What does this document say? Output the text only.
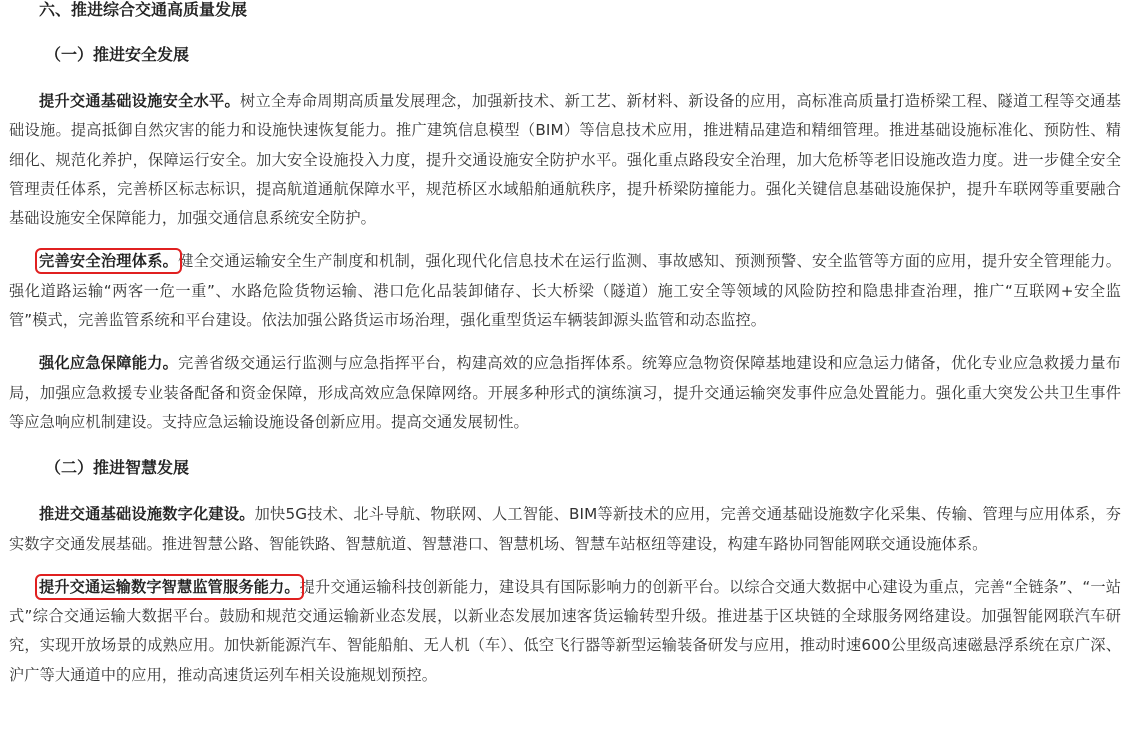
六、推进综合交通高质量发展
（一）推进安全发展

提升交通基础设施安全水平。树立全寿命周期高质量发展理念，加强新技术、新工艺、新材料、新设备的应用，高标准高质量打造桥梁工程、隧道工程等交通基础设施。提高抵御自然灾害的能力和设施快速恢复能力。推广建筑信息模型（BIM）等信息技术应用，推进精品建造和精细管理。推进基础设施标准化、预防性、精细化、规范化养护，保障运行安全。加大安全设施投入力度，提升交通设施安全防护水平。强化重点路段安全治理，加大危桥等老旧设施改造力度。进一步健全安全管理责任体系，完善桥区标志标识，提高航道通航保障水平，规范桥区水域船舶通航秩序，提升桥梁防撞能力。强化关键信息基础设施保护，提升车联网等重要融合基础设施安全保障能力，加强交通信息系统安全防护。

完善安全治理体系。健全交通运输安全生产制度和机制，强化现代化信息技术在运行监测、事故感知、预测预警、安全监管等方面的应用，提升安全管理能力。强化道路运输“两客一危一重”、水路危险货物运输、港口危化品装卸储存、长大桥梁（隧道）施工安全等领域的风险防控和隐患排查治理，推广“互联网+安全监管”模式，完善监管系统和平台建设。依法加强公路货运市场治理，强化重型货运车辆装卸源头监管和动态监控。

强化应急保障能力。完善省级交通运行监测与应急指挥平台，构建高效的应急指挥体系。统筹应急物资保障基地建设和应急运力储备，优化专业应急救援力量布局，加强应急救援专业装备配备和资金保障，形成高效应急保障网络。开展多种形式的演练演习，提升交通运输突发事件应急处置能力。强化重大突发公共卫生事件等应急响应机制建设。支持应急运输设施设备创新应用。提高交通发展韧性。

（二）推进智慧发展

推进交通基础设施数字化建设。加快5G技术、北斗导航、物联网、人工智能、BIM等新技术的应用，完善交通基础设施数字化采集、传输、管理与应用体系，夯实数字交通发展基础。推进智慧公路、智能铁路、智慧航道、智慧港口、智慧机场、智慧车站枢纽等建设，构建车路协同智能网联交通设施体系。

提升交通运输数字智慧监管服务能力。提升交通运输科技创新能力，建设具有国际影响力的创新平台。以综合交通大数据中心建设为重点，完善“全链条”、“一站式”综合交通运输大数据平台。鼓励和规范交通运输新业态发展，以新业态发展加速客货运输转型升级。推进基于区块链的全球服务网络建设。加强智能网联汽车研究，实现开放场景的成熟应用。加快新能源汽车、智能船舶、无人机（车）、低空飞行器等新型运输装备研发与应用，推动时速600公里级高速磁悬浮系统在京广深、沪广等大通道中的应用，推动高速货运列车相关设施规划预控。
